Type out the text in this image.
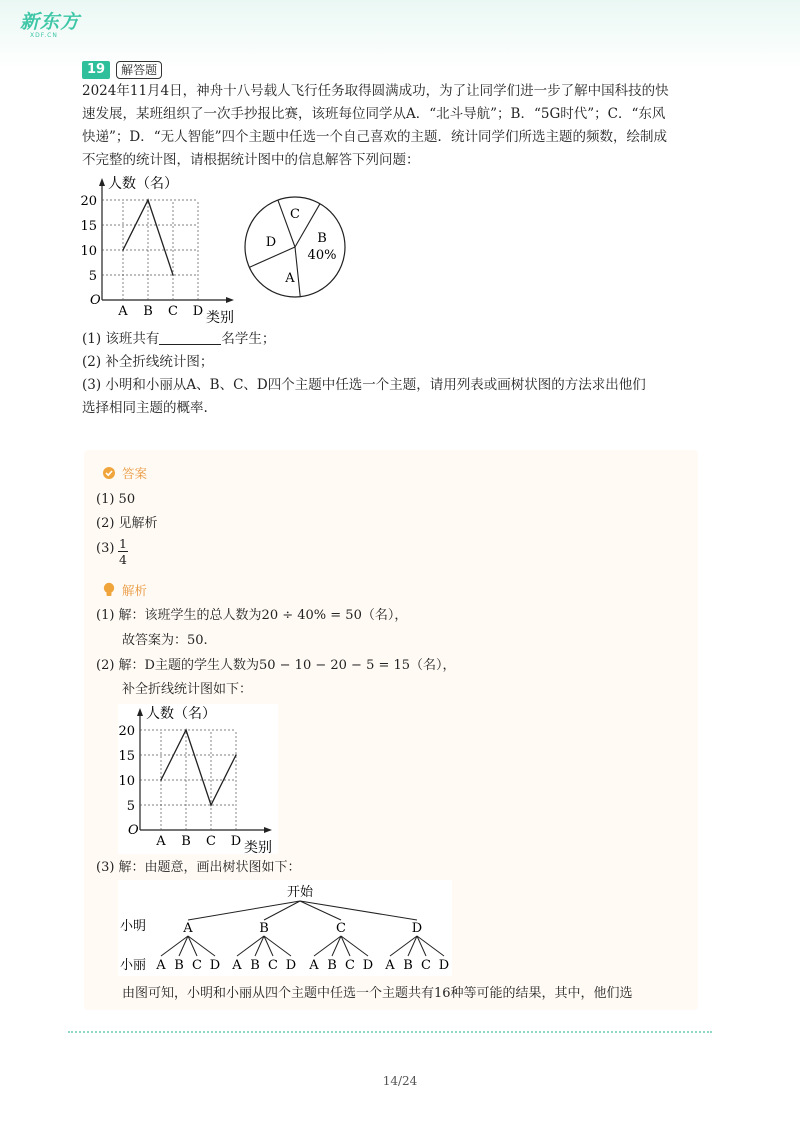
新东方
XDF.CN
19	解答题
2024年11月4日，神舟十八号载人飞行任务取得圆满成功，为了让同学们进一步了解中国科技的快
速发展，某班组织了一次手抄报比赛，该班每位同学从A．“北斗导航”；B．“5G时代”；C．“东风
快递”；D．“无人智能”四个主题中任选一个自己喜欢的主题．统计同学们所选主题的频数，绘制成
不完整的统计图，请根据统计图中的信息解答下列问题：
5
10
15
20
A B C D
O
人数（名）
类别
C
B
40%
A
D
(1) 该班共有	名学生；
(2) 补全折线统计图；
(3) 小明和小丽从A、B、C、D四个主题中任选一个主题，请用列表或画树状图的方法求出他们
选择相同主题的概率.
答案
(1) 50
(2) 见解析
$(3) \frac{1}{4}$
解析
(1) 解：该班学生的总人数为20 ÷ 40% = 50（名），
故答案为：50.
(2) 解：D主题的学生人数为50 − 10 − 20 − 5 = 15（名），
补全折线统计图如下：
5
10
15
20
A B C D
O
人数（名）
类别
(3) 解：由题意，画出树状图如下：
开始
小明
小丽
A
A B C D
B
A B C D
C
A B C D
D
A B C D
由图可知，小明和小丽从四个主题中任选一个主题共有16种等可能的结果，其中，他们选
14/24
